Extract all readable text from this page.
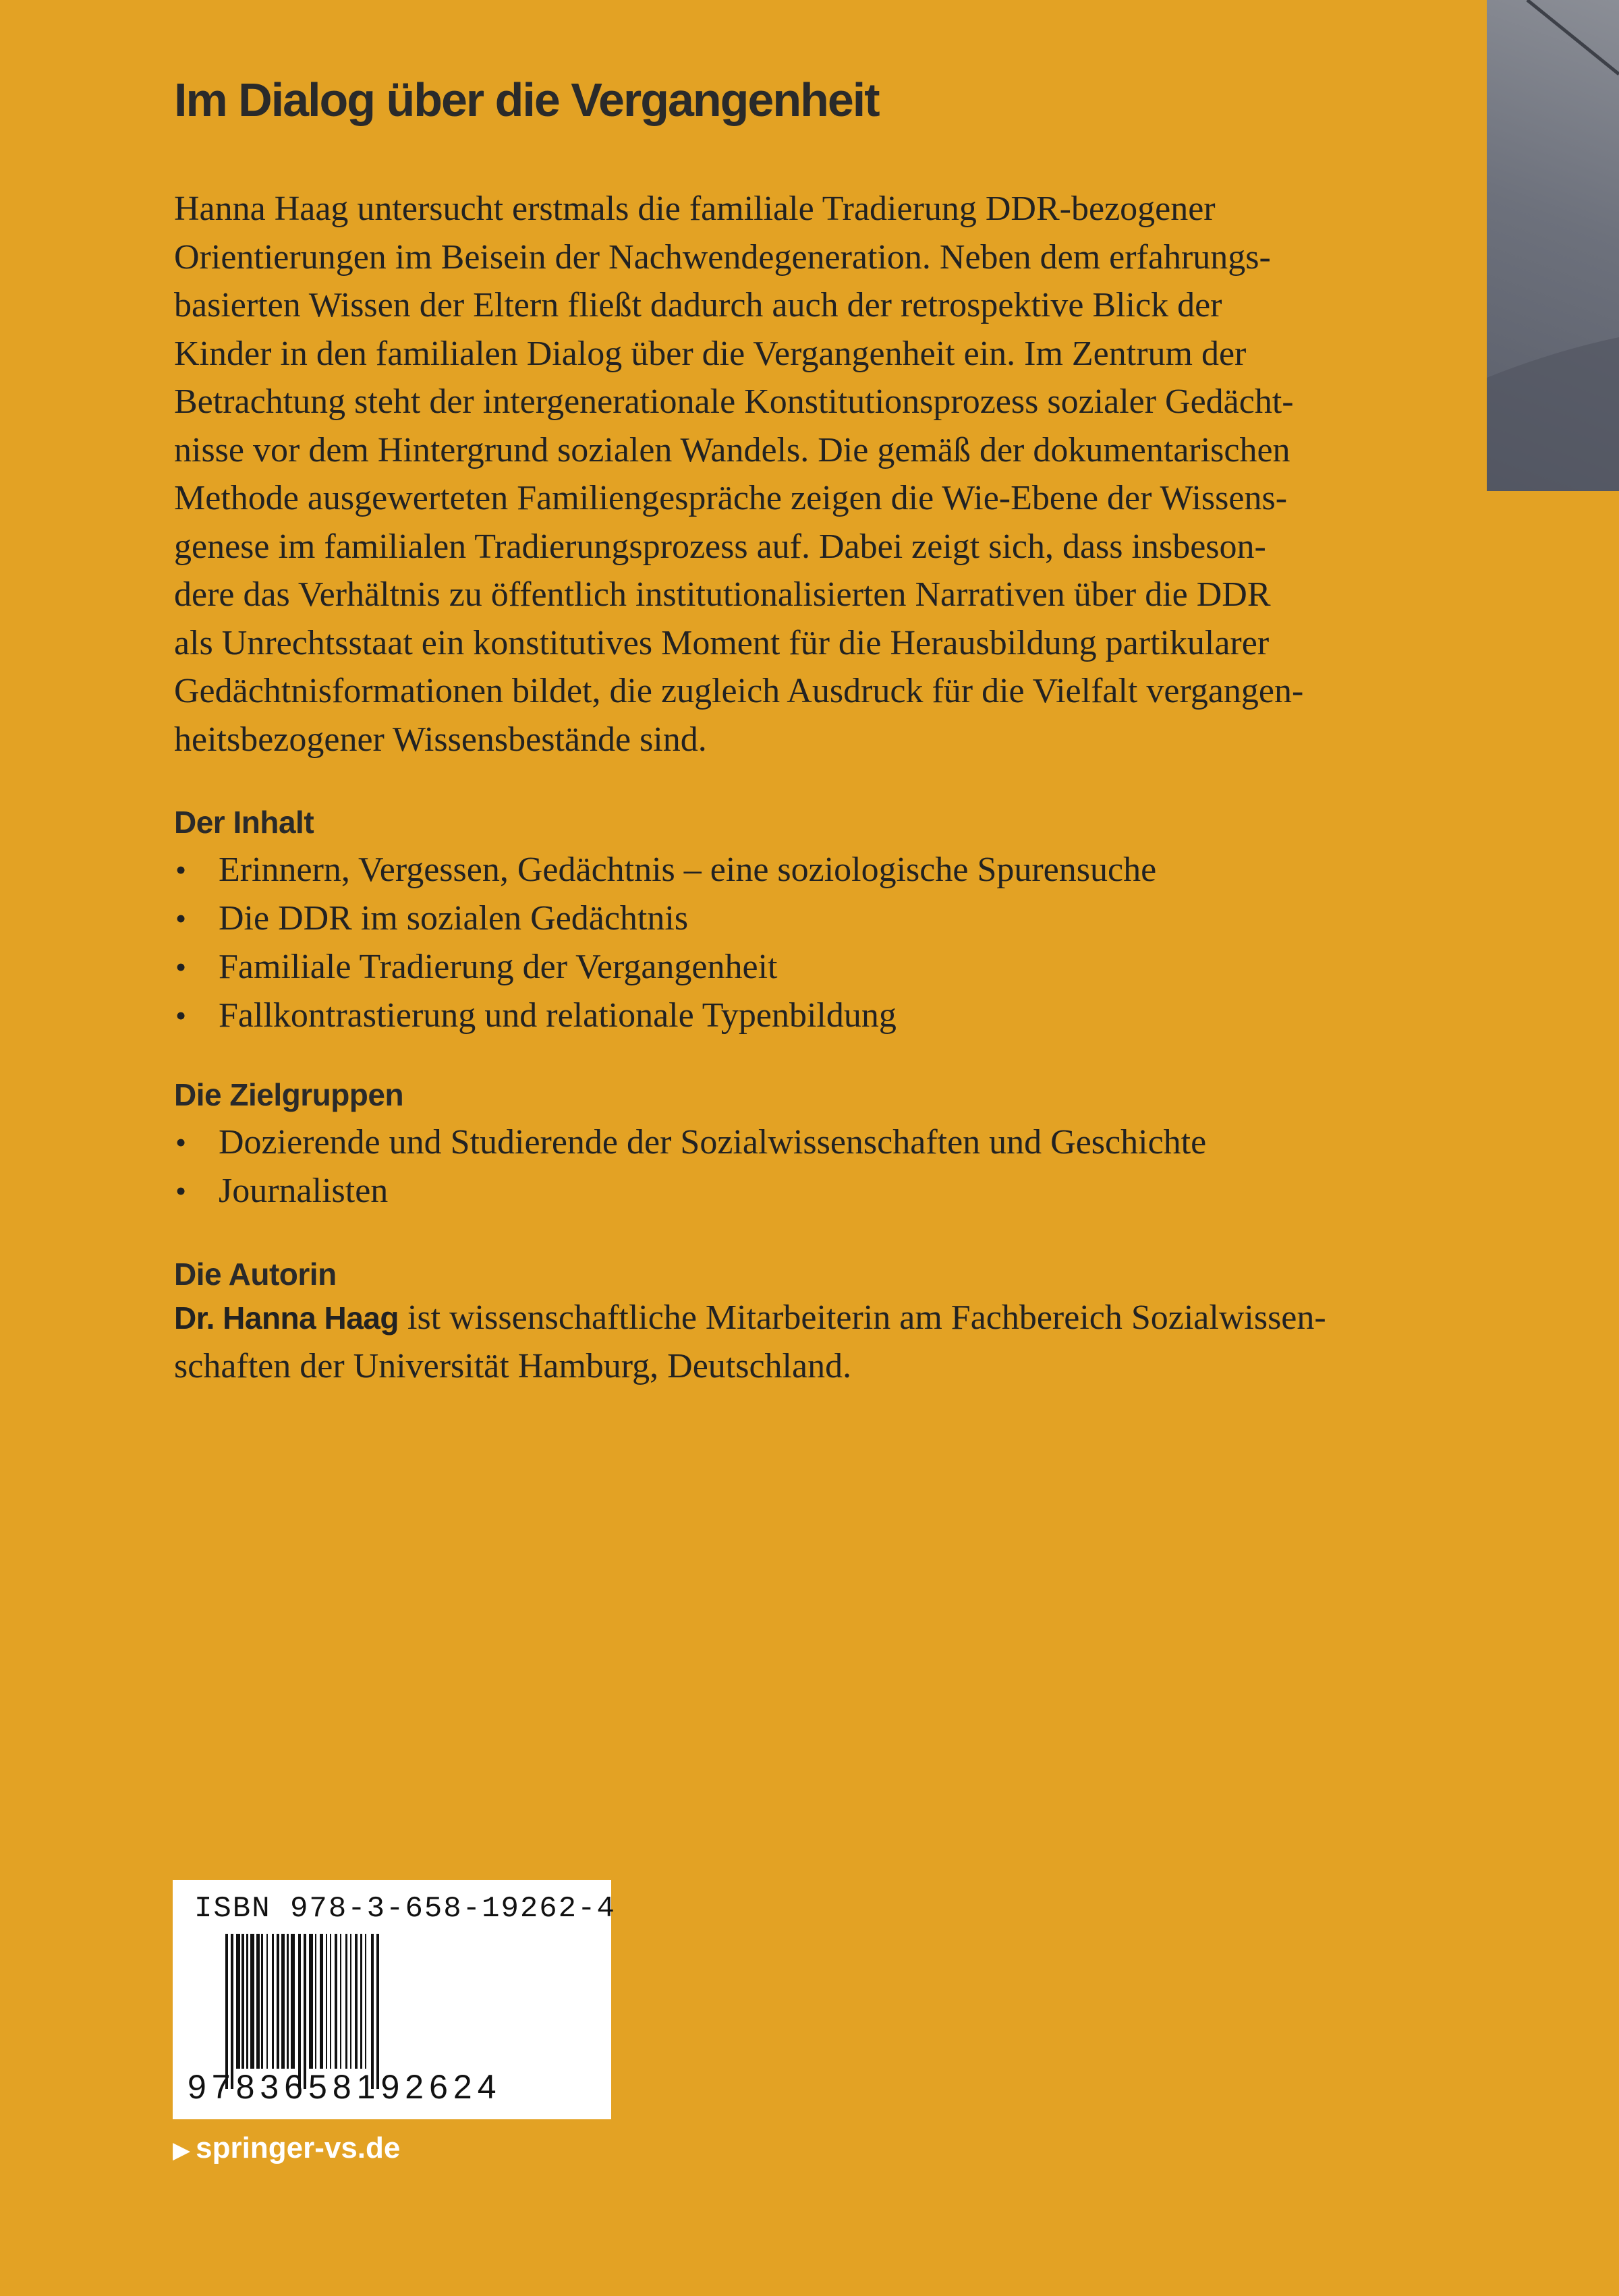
Im Dialog über die Vergangenheit
Hanna Haag untersucht erstmals die familiale Tradierung DDR-bezogener
Orientierungen im Beisein der Nachwendegeneration. Neben dem erfahrungs-
basierten Wissen der Eltern fließt dadurch auch der retrospektive Blick der
Kinder in den familialen Dialog über die Vergangenheit ein. Im Zentrum der
Betrachtung steht der intergenerationale Konstitutionsprozess sozialer Gedächt-
nisse vor dem Hintergrund sozialen Wandels. Die gemäß der dokumentarischen
Methode ausgewerteten Familiengespräche zeigen die Wie-Ebene der Wissens-
genese im familialen Tradierungsprozess auf. Dabei zeigt sich, dass insbeson-
dere das Verhältnis zu öffentlich institutionalisierten Narrativen über die DDR
als Unrechtsstaat ein konstitutives Moment für die Herausbildung partikularer
Gedächtnisformationen bildet, die zugleich Ausdruck für die Vielfalt vergangen-
heitsbezogener Wissensbestände sind.
Der Inhalt
• Erinnern, Vergessen, Gedächtnis – eine soziologische Spurensuche
• Die DDR im sozialen Gedächtnis
• Familiale Tradierung der Vergangenheit
• Fallkontrastierung und relationale Typenbildung
Die Zielgruppen
• Dozierende und Studierende der Sozialwissenschaften und Geschichte
• Journalisten
Die Autorin
Dr. Hanna Haag ist wissenschaftliche Mitarbeiterin am Fachbereich Sozialwissen-
schaften der Universität Hamburg, Deutschland.
ISBN 978-3-658-19262-4
9783658192624
▶ springer-vs.de
